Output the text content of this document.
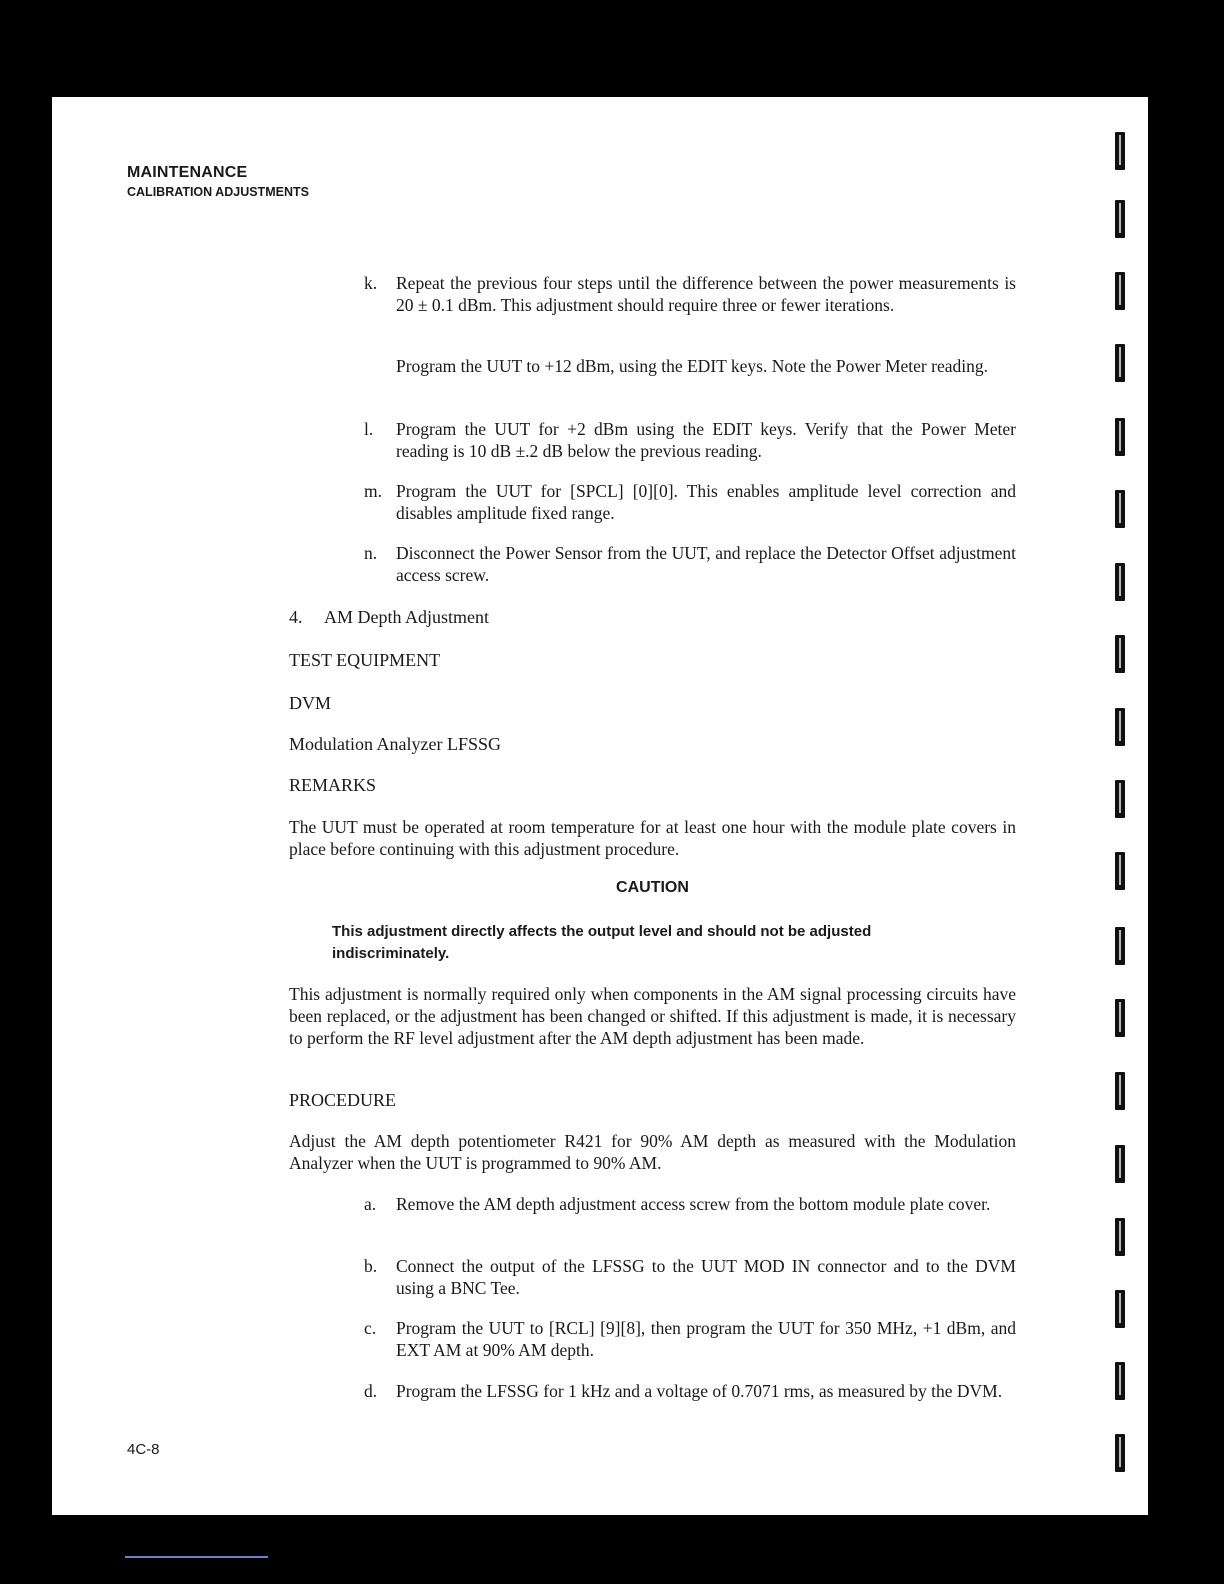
MAINTENANCE
CALIBRATION ADJUSTMENTS
k. Repeat the previous four steps until the difference between the power measurements is 20 ± 0.1 dBm. This adjustment should require three or fewer iterations.
Program the UUT to +12 dBm, using the EDIT keys. Note the Power Meter reading.
l. Program the UUT for +2 dBm using the EDIT keys. Verify that the Power Meter reading is 10 dB ±.2 dB below the previous reading.
m. Program the UUT for [SPCL] [0][0]. This enables amplitude level correction and disables amplitude fixed range.
n. Disconnect the Power Sensor from the UUT, and replace the Detector Offset adjustment access screw.
4. AM Depth Adjustment
TEST EQUIPMENT
DVM
Modulation Analyzer LFSSG
REMARKS
The UUT must be operated at room temperature for at least one hour with the module plate covers in place before continuing with this adjustment procedure.
CAUTION
This adjustment directly affects the output level and should not be adjusted indiscriminately.
This adjustment is normally required only when components in the AM signal processing circuits have been replaced, or the adjustment has been changed or shifted. If this adjustment is made, it is necessary to perform the RF level adjustment after the AM depth adjustment has been made.
PROCEDURE
Adjust the AM depth potentiometer R421 for 90% AM depth as measured with the Modulation Analyzer when the UUT is programmed to 90% AM.
a. Remove the AM depth adjustment access screw from the bottom module plate cover.
b. Connect the output of the LFSSG to the UUT MOD IN connector and to the DVM using a BNC Tee.
c. Program the UUT to [RCL] [9][8], then program the UUT for 350 MHz, +1 dBm, and EXT AM at 90% AM depth.
d. Program the LFSSG for 1 kHz and a voltage of 0.7071 rms, as measured by the DVM.
4C-8
